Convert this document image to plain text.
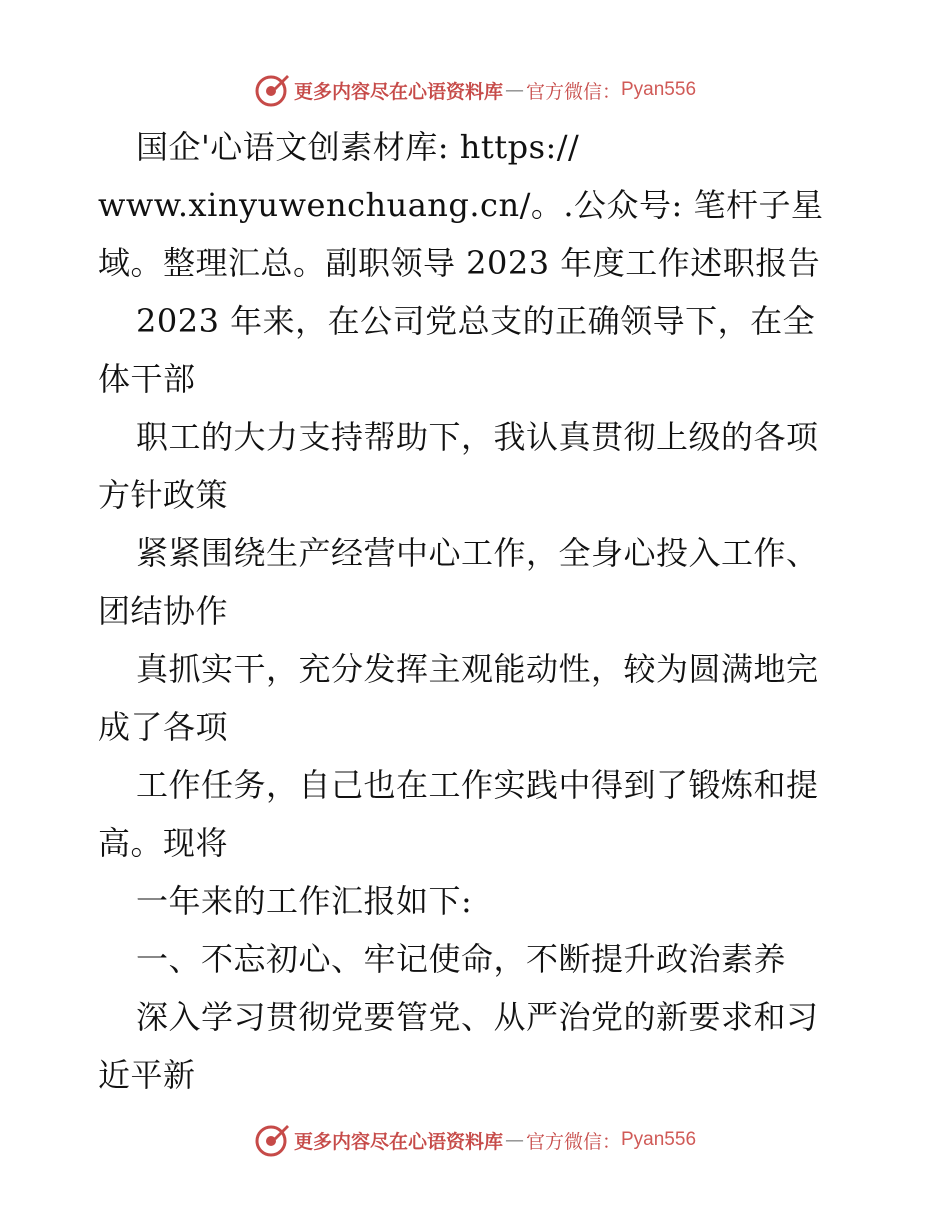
更多内容尽在心语资料库 — 官方微信： Pyan556
国企'心语文创素材库: https://
www.xinyuwenchuang.cn/。.公众号: 笔杆子星
域。整理汇总。副职领导 2023 年度工作述职报告
2023 年来，在公司党总支的正确领导下，在全
体干部
职工的大力支持帮助下，我认真贯彻上级的各项
方针政策
紧紧围绕生产经营中心工作，全身心投入工作、
团结协作
真抓实干，充分发挥主观能动性，较为圆满地完
成了各项
工作任务，自己也在工作实践中得到了锻炼和提
高。现将
一年来的工作汇报如下:
一、不忘初心、牢记使命，不断提升政治素养
深入学习贯彻党要管党、从严治党的新要求和习
近平新
更多内容尽在心语资料库 — 官方微信： Pyan556
